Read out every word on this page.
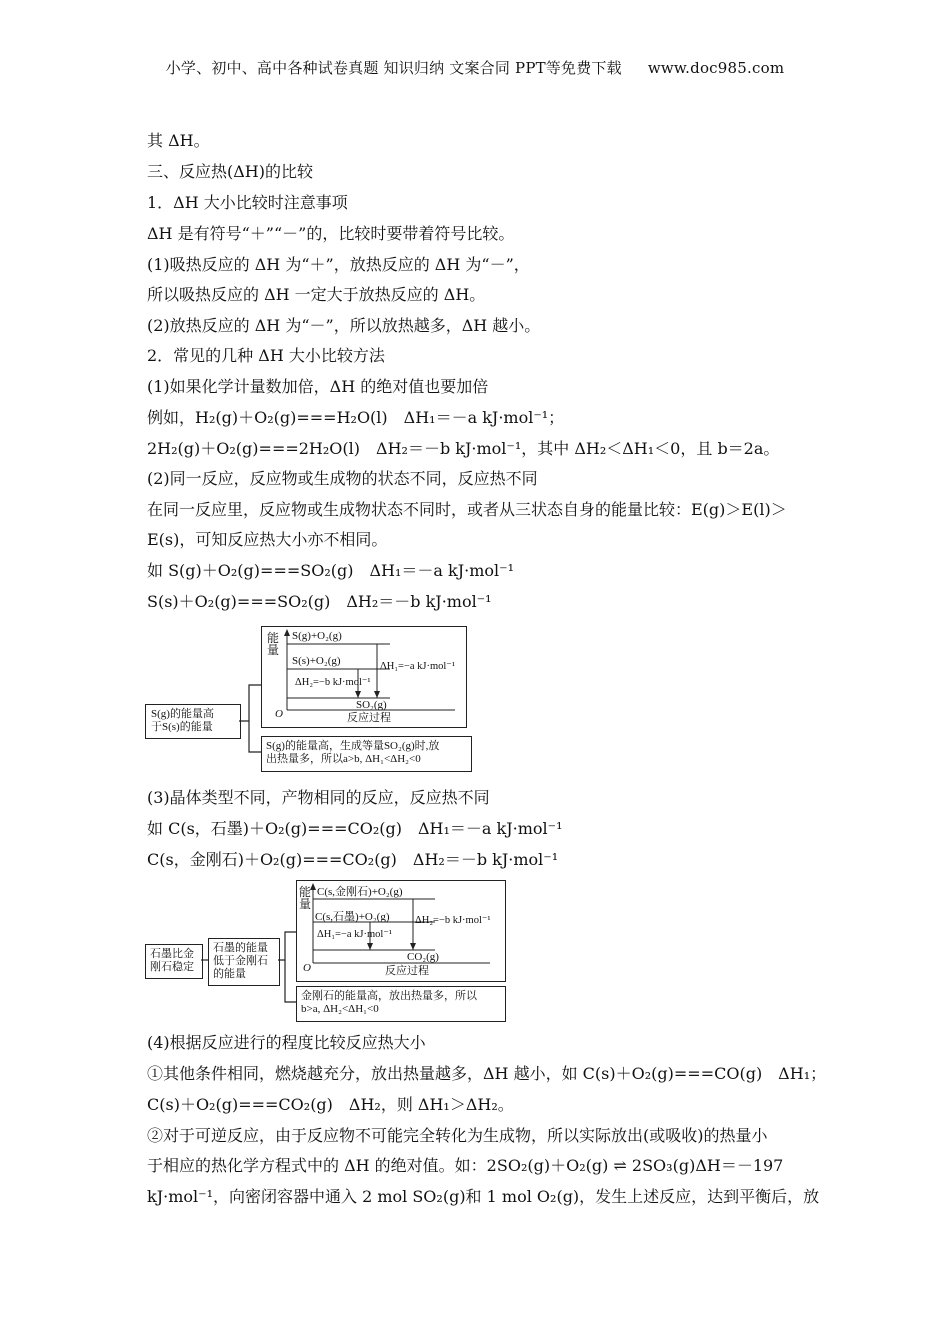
小学、初中、高中各种试卷真题 知识归纳 文案合同 PPT等免费下载 www.doc985.com
其 ΔH。
三、反应热(ΔH)的比较
1．ΔH 大小比较时注意事项
ΔH 是有符号“＋”“－”的，比较时要带着符号比较。
(1)吸热反应的 ΔH 为“＋”，放热反应的 ΔH 为“－”，
所以吸热反应的 ΔH 一定大于放热反应的 ΔH。
(2)放热反应的 ΔH 为“－”，所以放热越多，ΔH 越小。
2．常见的几种 ΔH 大小比较方法
(1)如果化学计量数加倍，ΔH 的绝对值也要加倍
例如，H₂(g)＋O₂(g)===H₂O(l)　ΔH₁＝－a kJ·mol⁻¹；
2H₂(g)＋O₂(g)===2H₂O(l)　ΔH₂＝－b kJ·mol⁻¹，其中 ΔH₂＜ΔH₁＜0，且 b＝2a。
(2)同一反应，反应物或生成物的状态不同，反应热不同
在同一反应里，反应物或生成物状态不同时，或者从三状态自身的能量比较：E(g)＞E(l)＞
E(s)，可知反应热大小亦不相同。
如 S(g)＋O₂(g)===SO₂(g)　ΔH₁＝－a kJ·mol⁻¹
S(s)＋O₂(g)===SO₂(g)　ΔH₂＝－b kJ·mol⁻¹
S(g)的能量高
于S(s)的能量
S(g)的能量高，生成等量SO₂(g)时,放
出热量多，所以a>b, ΔH₁<ΔH₂<0
能
量
O
S(g)+O₂(g)
S(s)+O₂(g)
SO₂(g)
ΔH₁=−a kJ·mol⁻¹
ΔH₂=−b kJ·mol⁻¹
反应过程
(3)晶体类型不同，产物相同的反应，反应热不同
如 C(s，石墨)＋O₂(g)===CO₂(g)　ΔH₁＝－a kJ·mol⁻¹
C(s，金刚石)＋O₂(g)===CO₂(g)　ΔH₂＝－b kJ·mol⁻¹
石墨比金
刚石稳定
石墨的能量
低于金刚石
的能量
金刚石的能量高，放出热量多，所以
b>a, ΔH₂<ΔH₁<0
能
量
O
C(s,金刚石)+O₂(g)
C(s,石墨)+O₂(g)
CO₂(g)
ΔH₂=−b kJ·mol⁻¹
ΔH₁=−a kJ·mol⁻¹
反应过程
(4)根据反应进行的程度比较反应热大小
①其他条件相同，燃烧越充分，放出热量越多，ΔH 越小，如 C(s)＋O₂(g)===CO(g)　ΔH₁；
C(s)＋O₂(g)===CO₂(g)　ΔH₂，则 ΔH₁＞ΔH₂。
②对于可逆反应，由于反应物不可能完全转化为生成物，所以实际放出(或吸收)的热量小
于相应的热化学方程式中的 ΔH 的绝对值。如：2SO₂(g)＋O₂(g) ⇌ 2SO₃(g)ΔH＝－197
kJ·mol⁻¹，向密闭容器中通入 2 mol SO₂(g)和 1 mol O₂(g)，发生上述反应，达到平衡后，放
